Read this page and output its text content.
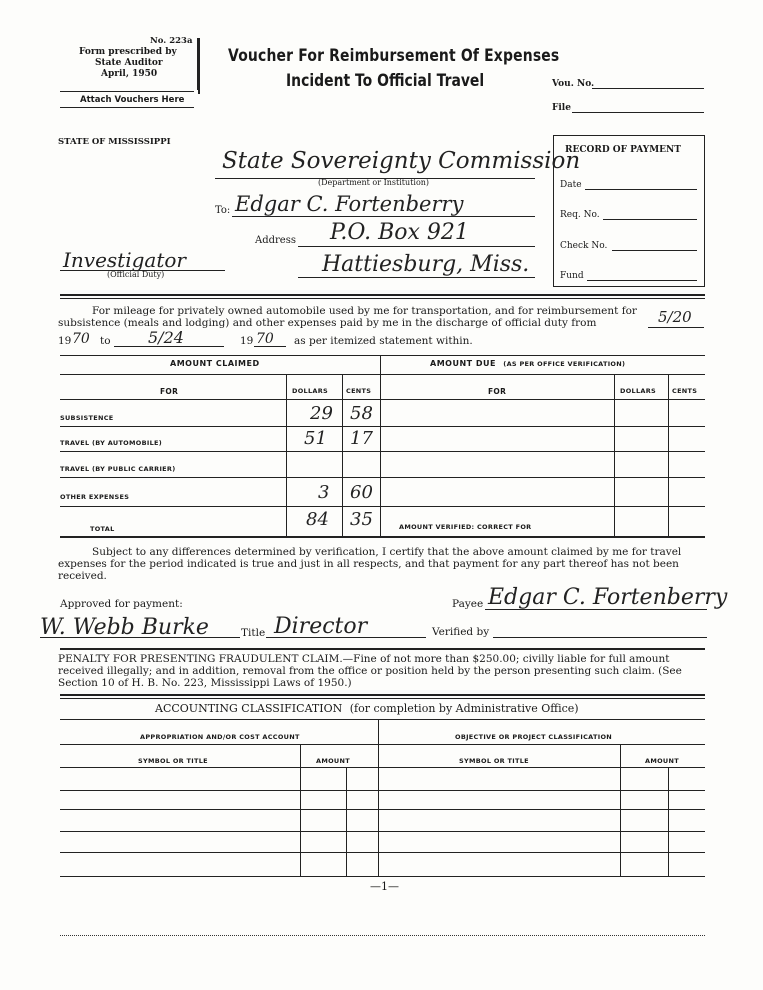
No. 223a
Form prescribed by
State Auditor
April, 1950
Attach Vouchers Here
Voucher For Reimbursement Of Expenses
Incident To Official Travel	Vou. No.
File
STATE OF MISSISSIPPI
State Sovereignty Commission
(Department or Institution)
To: Edgar C. Fortenberry
Address P.O. Box 921
Hattiesburg, Miss.
Investigator
(Official Duty)
RECORD OF PAYMENT
Date
Req. No.
Check No.
Fund
For mileage for privately owned automobile used by me for transportation, and for reimbursement for subsistence (meals and lodging) and other expenses paid by me in the discharge of official duty from	5/20
19 70 to 5/24	19 70 as per itemized statement within.
AMOUNT CLAIMED	AMOUNT DUE (AS PER OFFICE VERIFICATION)
FOR	DOLLARS	CENTS	FOR	DOLLARS CENTS
SUBSISTENCE	29 58
TRAVEL (BY AUTOMOBILE)	51 17
TRAVEL (BY PUBLIC CARRIER)
OTHER EXPENSES	3 60
TOTAL	84 35	AMOUNT VERIFIED: CORRECT FOR
Subject to any differences determined by verification, I certify that the above amount claimed by me for travel expenses for the period indicated is true and just in all respects, and that payment for any part thereof has not been received.
Approved for payment:
W. Webb Burke	Title Director
Payee Edgar C. Fortenberry
Verified by
PENALTY FOR PRESENTING FRAUDULENT CLAIM.—Fine of not more than $250.00; civilly liable for full amount received illegally; and in addition, removal from the office or position held by the person presenting such claim. (See Section 10 of H. B. No. 223, Mississippi Laws of 1950.)
ACCOUNTING CLASSIFICATION (for completion by Administrative Office)
APPROPRIATION AND/OR COST ACCOUNT	OBJECTIVE OR PROJECT CLASSIFICATION
SYMBOL OR TITLE	AMOUNT	SYMBOL OR TITLE	AMOUNT
—1—
